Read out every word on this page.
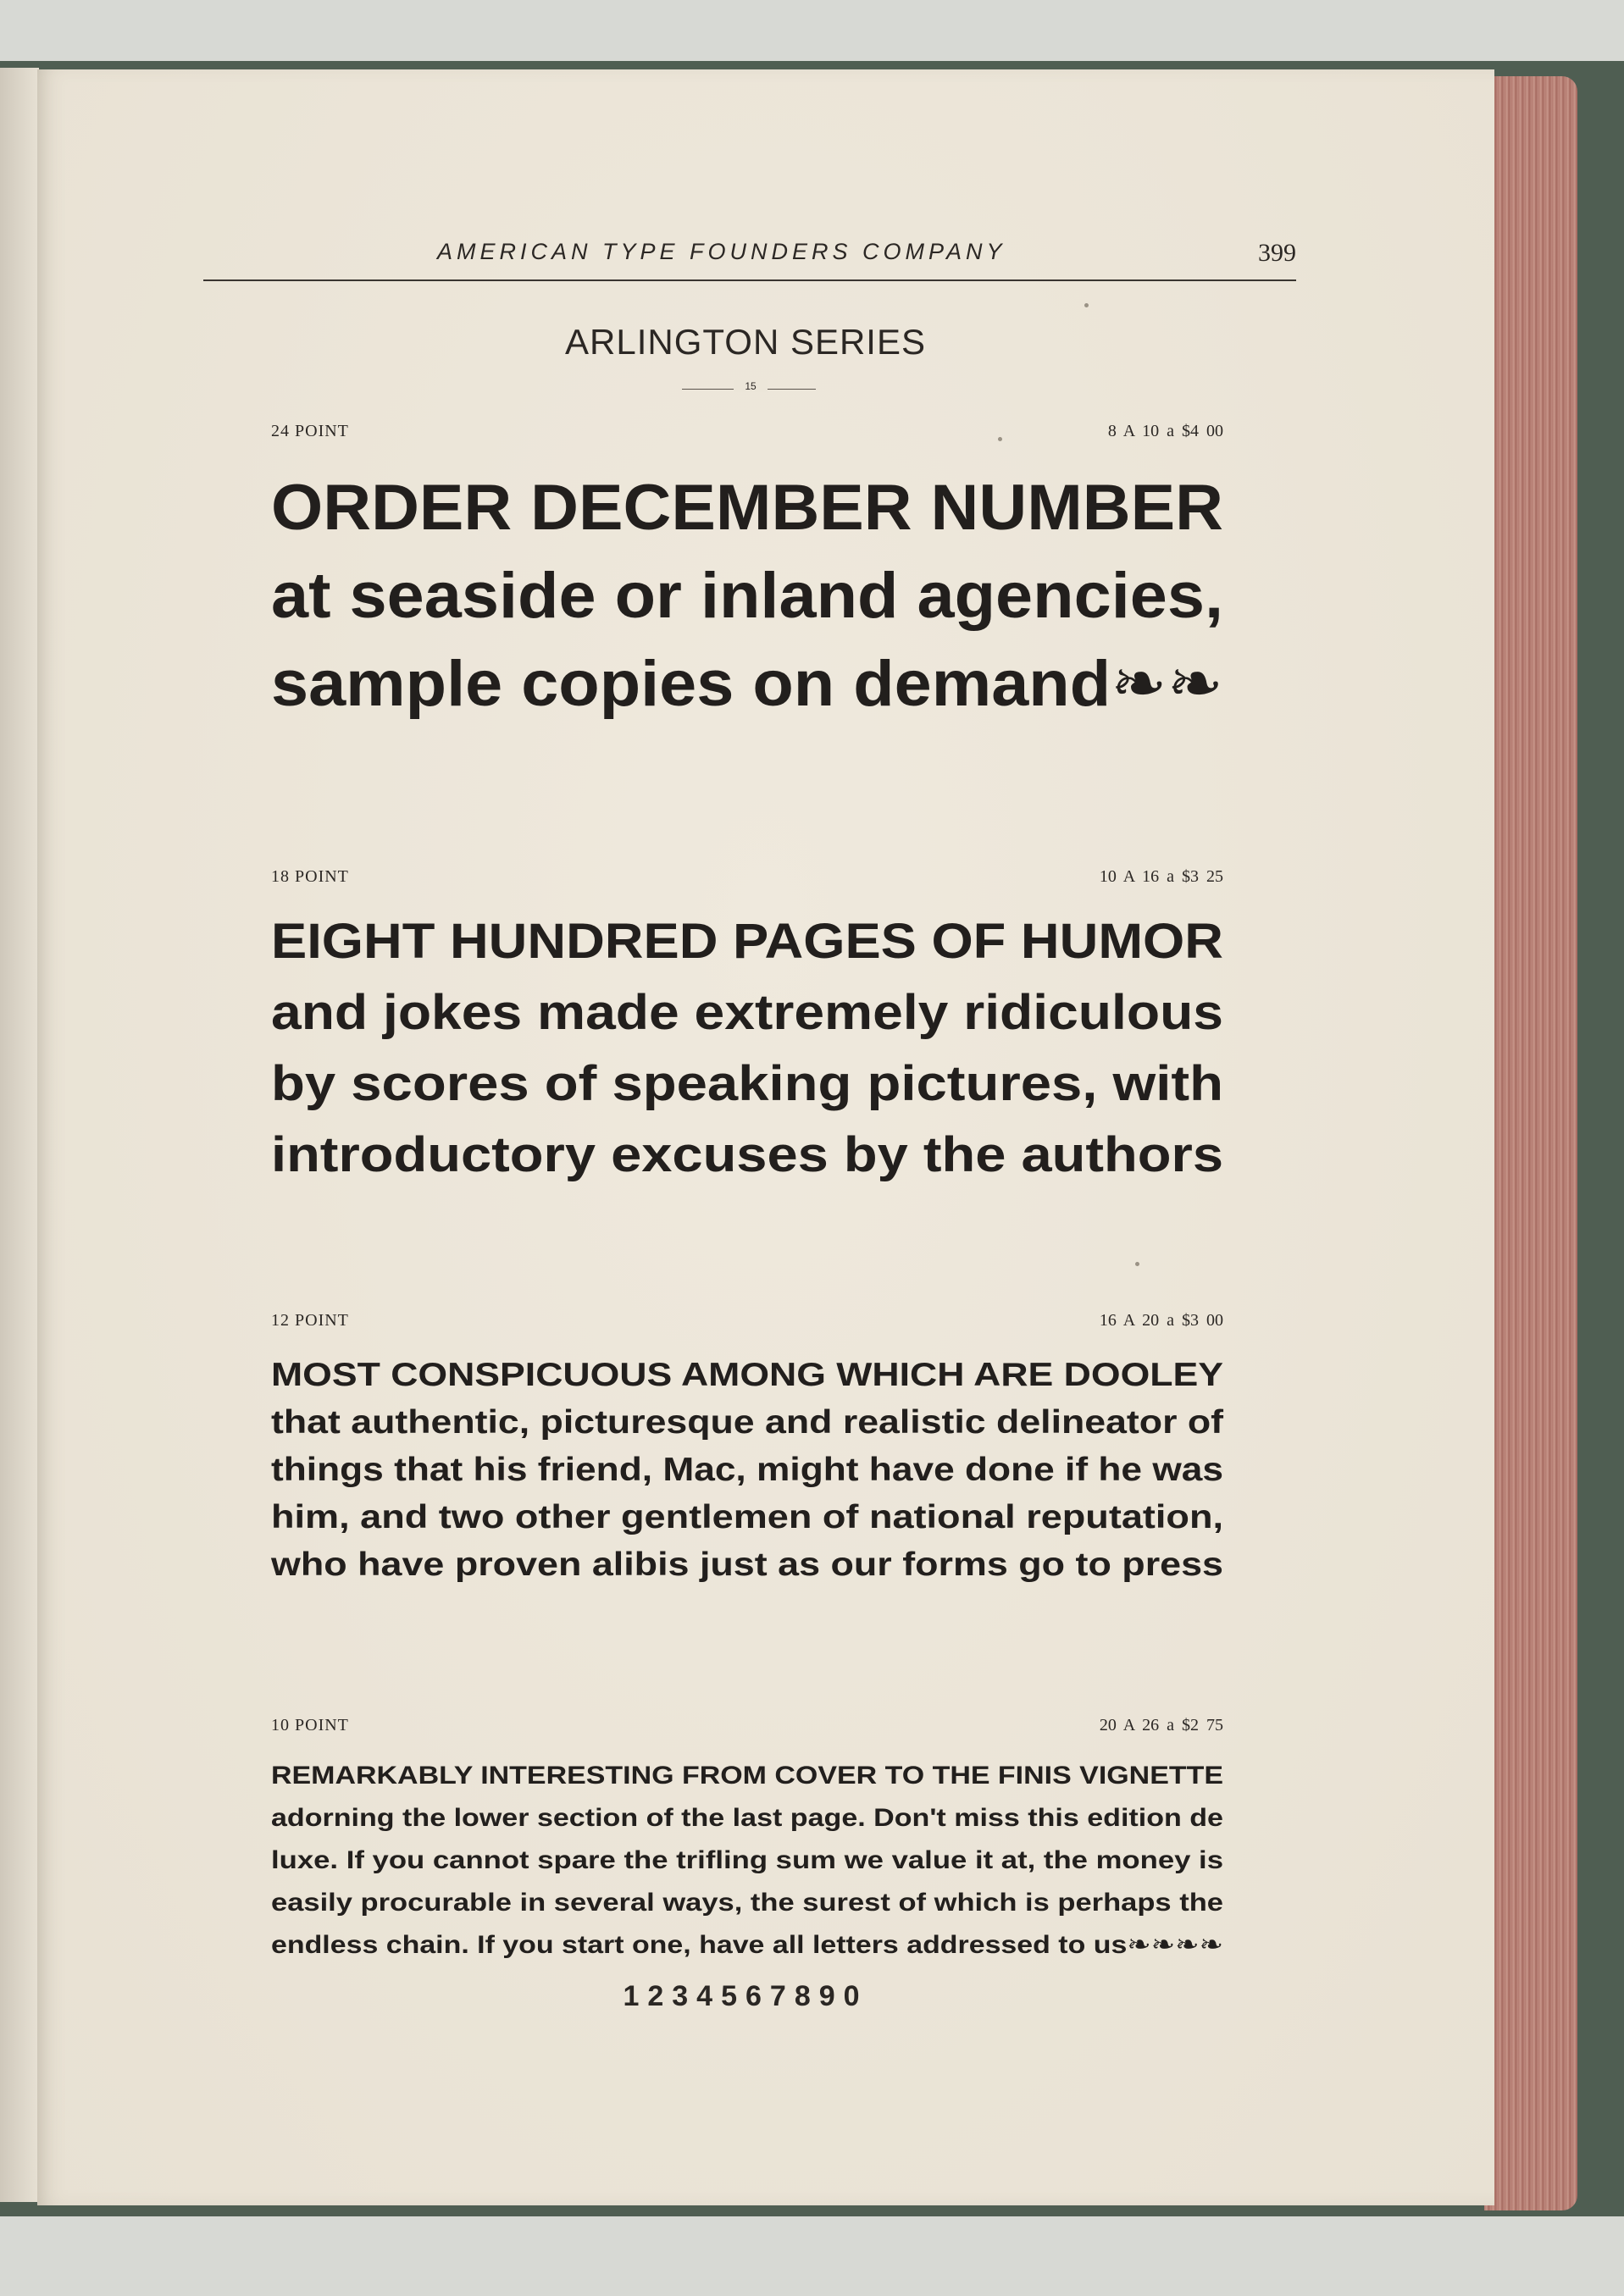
AMERICAN TYPE FOUNDERS COMPANY	399
ARLINGTON SERIES
15
24 POINT	8 A 10 a $4 00
ORDER DECEMBER NUMBER
at seaside or inland agencies,
sample copies on demand❧❧
18 POINT	10 A 16 a $3 25
EIGHT HUNDRED PAGES OF HUMOR
and jokes made extremely ridiculous
by scores of speaking pictures, with
introductory excuses by the authors
12 POINT	16 A 20 a $3 00
MOST CONSPICUOUS AMONG WHICH ARE DOOLEY
that authentic, picturesque and realistic delineator of
things that his friend, Mac, might have done if he was
him, and two other gentlemen of national reputation,
who have proven alibis just as our forms go to press
10 POINT	20 A 26 a $2 75
REMARKABLY INTERESTING FROM COVER TO THE FINIS VIGNETTE
adorning the lower section of the last page. Don't miss this edition de
luxe. If you cannot spare the trifling sum we value it at, the money is
easily procurable in several ways, the surest of which is perhaps the
endless chain. If you start one, have all letters addressed to us❧❧❧❧
1234567890
